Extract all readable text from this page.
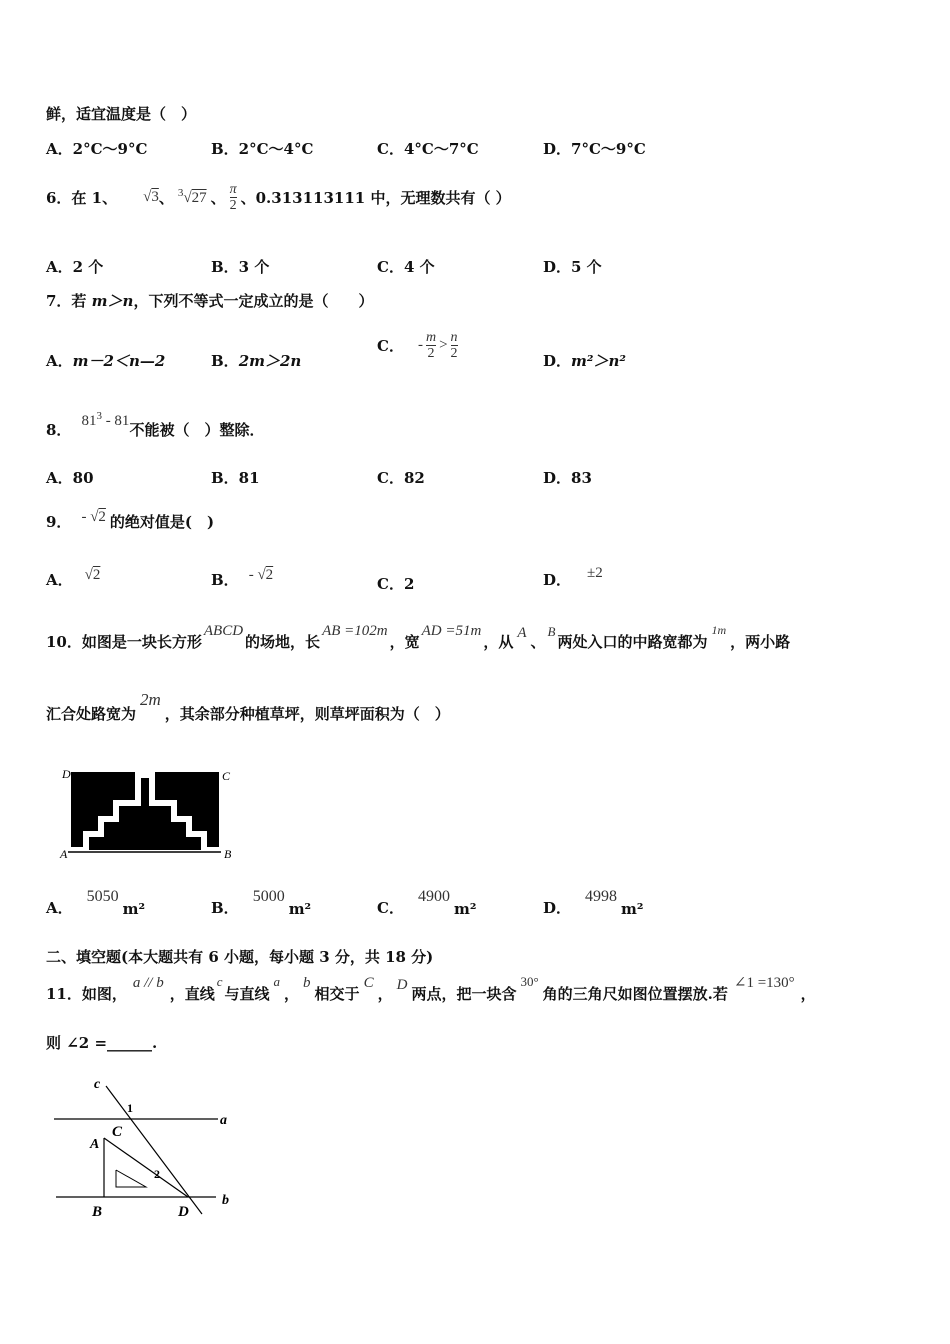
鲜，适宜温度是（　）
A．2°C～9°C	B．2°C～4°C	C．4°C～7°C	D．7°C～9°C
6．在 1、 √3 、 $^3$√27 、 $\frac{\pi}{2}$ 、0.313113111 中，无理数共有（ ）
A．2 个	B．3 个	C．4 个	D．5 个
7．若 m＞n，下列不等式一定成立的是（　　）
A．m－2＜n—2	B．2m＞2n
C． - $\frac{m}{2} > \frac{n}{2}$
D．m²＞n²
8． $81^3 - 81$ 不能被（　）整除．
A．80	B．81	C．82	D．83
9． - √2 的绝对值是(　)
A． √2	B． - √2	C．2	D． ±2
10．如图是一块长方形
ABCD
的场地，长
AB =102m
，宽
AD =51m
，从 A 、
B
两处入口的中路宽都为
1m
，两小路
汇合处路宽为
2m
，其余部分种植草坪，则草坪面积为（　）
D	C
A	B
A．
5050
m²	B．
5000
m²	C．
4900
m²	D．
4998
m²
二、填空题(本大题共有 6 小题，每小题 3 分，共 18 分)
11．如图，
a // b
，直线
c
与直线
a
，
b
相交于
C
， D 两点，把一块含
30°
角的三角尺如图位置摆放.若
∠1 =130°
，
则 ∠2 =______.
c
1
a
C
A
2
b
B	D
